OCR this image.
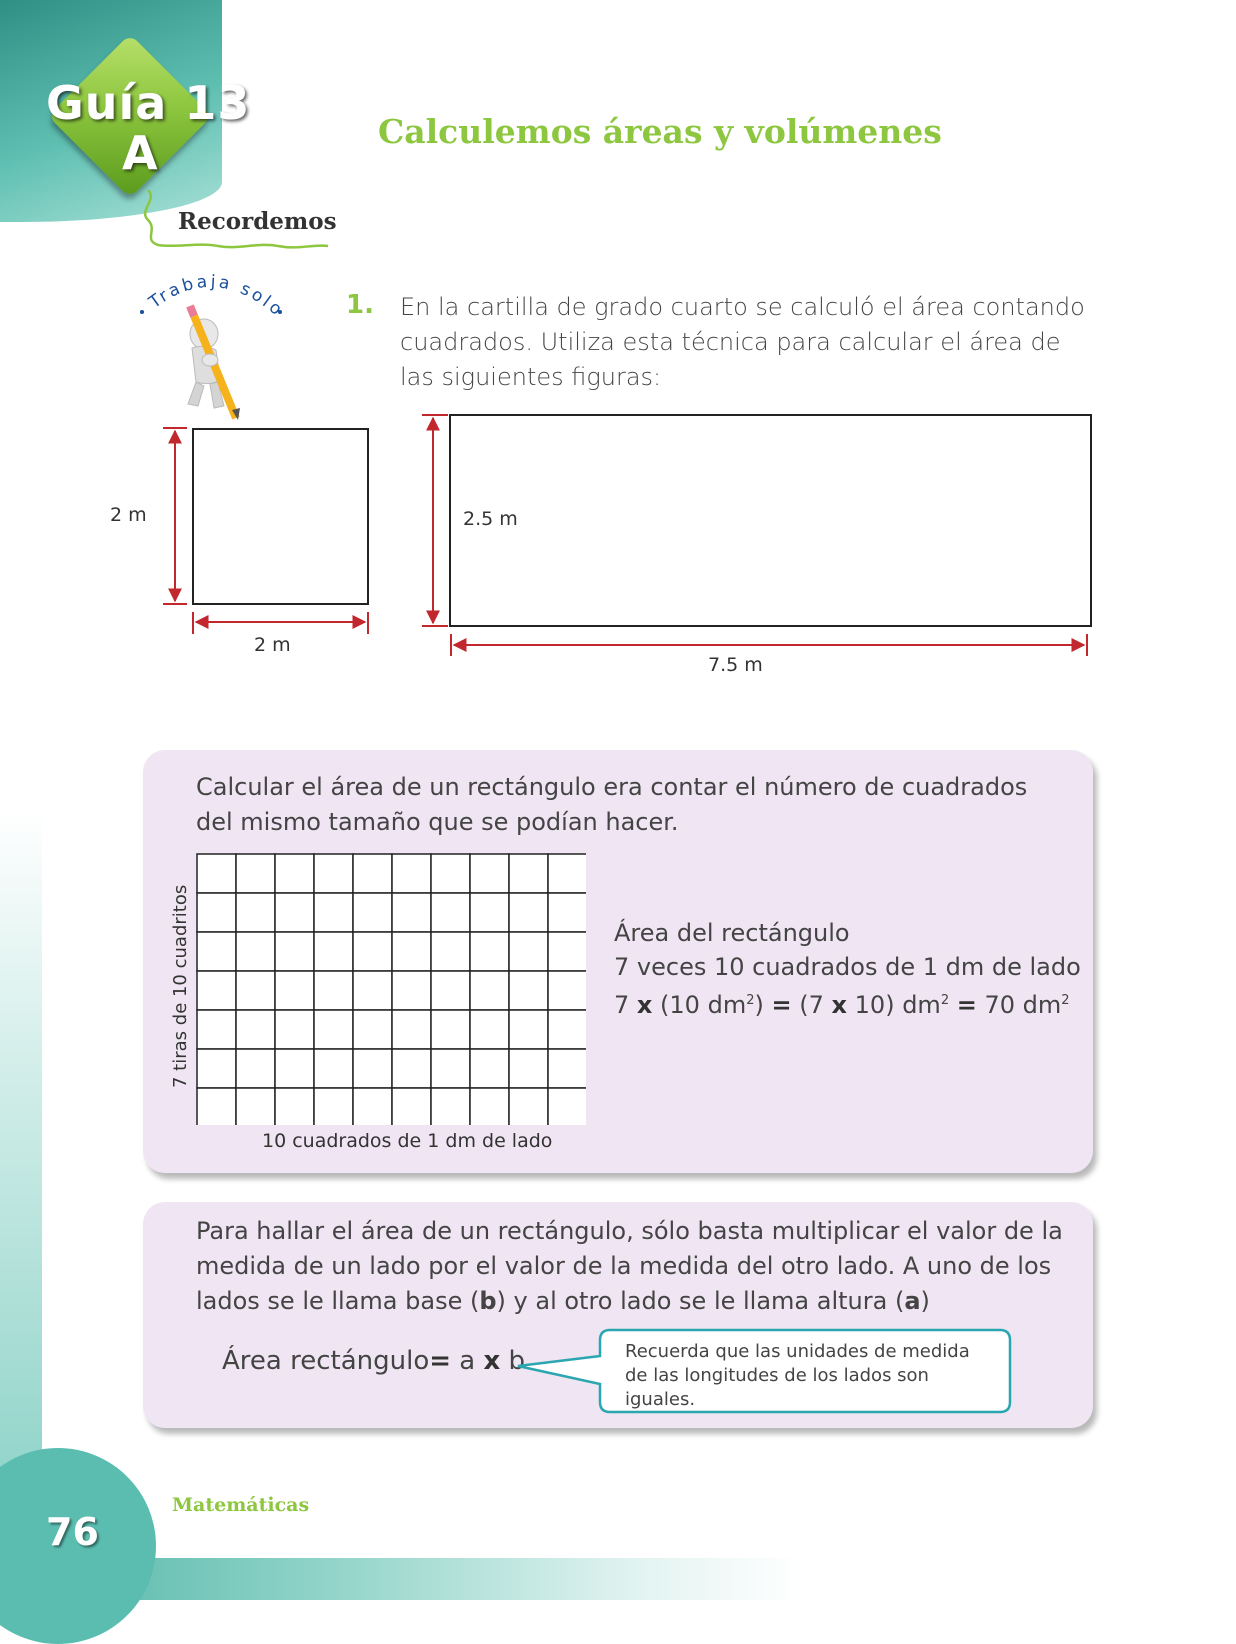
Guía 13
A
Recordemos
Calculemos áreas y volúmenes
Trabaja solo 1. En la cartilla de grado cuarto se calculó el área contando cuadrados. Utiliza esta técnica para calcular el área de las siguientes figuras:
2 m
2 m
2.5 m
7.5 m
Calcular el área de un rectángulo era contar el número de cuadrados del mismo tamaño que se podían hacer.
7 tiras de 10 cuadritos
10 cuadrados de 1 dm de lado
Área del rectángulo
7 veces 10 cuadrados de 1 dm de lado
7 x (10 $dm^2) = (7$ x 10) $dm^2 = 70$ $dm^2$
Para hallar el área de un rectángulo, sólo basta multiplicar el valor de la medida de un lado por el valor de la medida del otro lado. A uno de los lados se le llama base (b) y al otro lado se le llama altura (a)
Área rectángulo= a x b	Recuerda que las unidades de medida de las longitudes de los lados son iguales.
Matemáticas
76
